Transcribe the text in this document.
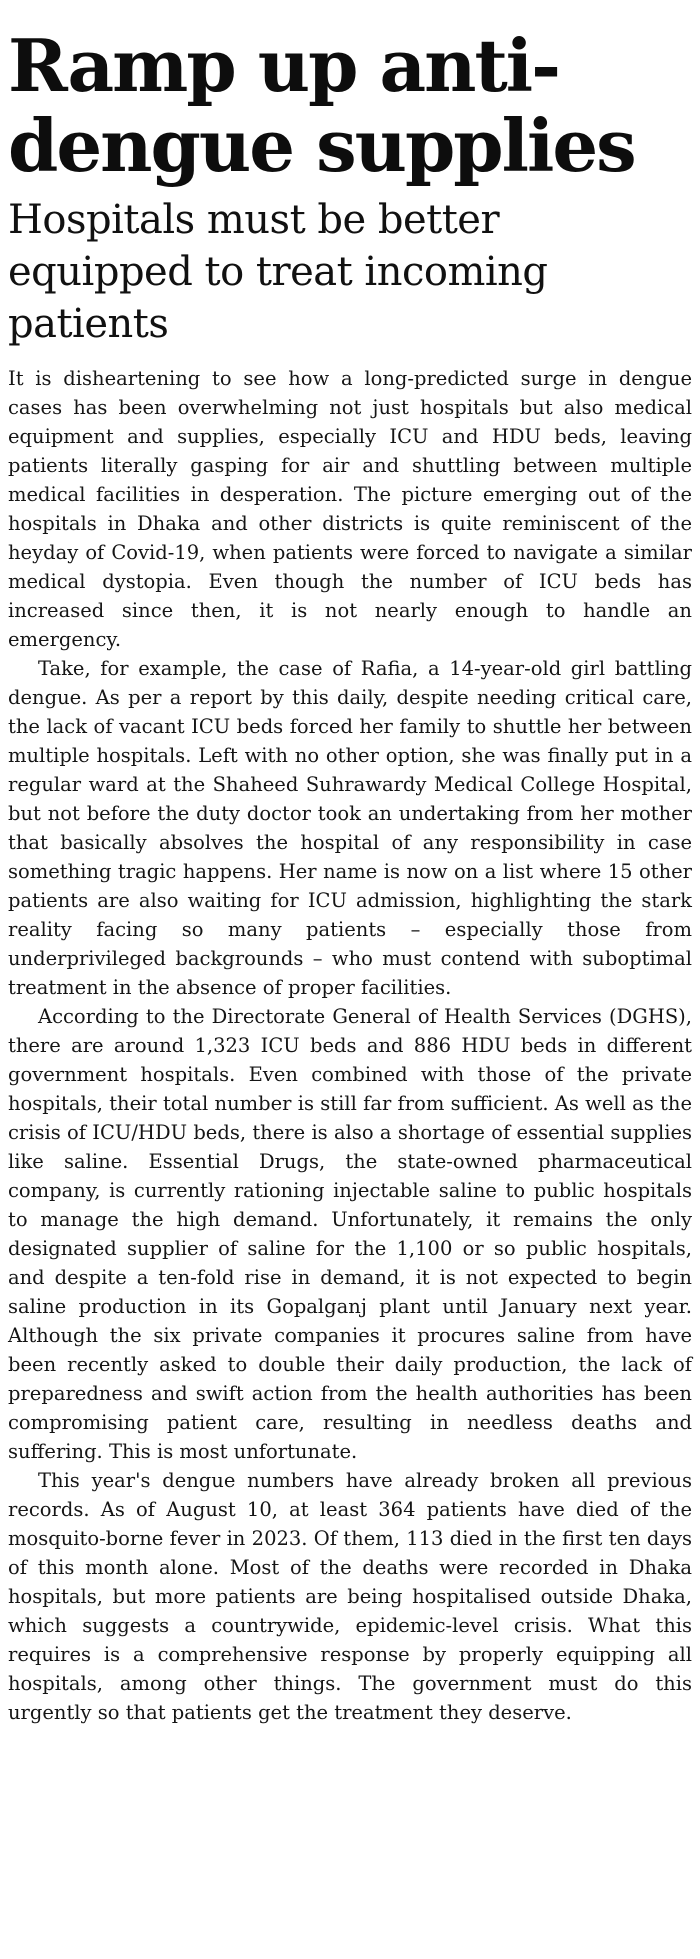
Ramp up anti-dengue supplies
Hospitals must be better equipped to treat incoming patients

It is disheartening to see how a long-predicted surge in dengue cases has been overwhelming not just hospitals but also medical equipment and supplies, especially ICU and HDU beds, leaving patients literally gasping for air and shuttling between multiple medical facilities in desperation. The picture emerging out of the hospitals in Dhaka and other districts is quite reminiscent of the heyday of Covid-19, when patients were forced to navigate a similar medical dystopia. Even though the number of ICU beds has increased since then, it is not nearly enough to handle an emergency.

Take, for example, the case of Rafia, a 14-year-old girl battling dengue. As per a report by this daily, despite needing critical care, the lack of vacant ICU beds forced her family to shuttle her between multiple hospitals. Left with no other option, she was finally put in a regular ward at the Shaheed Suhrawardy Medical College Hospital, but not before the duty doctor took an undertaking from her mother that basically absolves the hospital of any responsibility in case something tragic happens. Her name is now on a list where 15 other patients are also waiting for ICU admission, highlighting the stark reality facing so many patients – especially those from underprivileged backgrounds – who must contend with suboptimal treatment in the absence of proper facilities.

According to the Directorate General of Health Services (DGHS), there are around 1,323 ICU beds and 886 HDU beds in different government hospitals. Even combined with those of the private hospitals, their total number is still far from sufficient. As well as the crisis of ICU/HDU beds, there is also a shortage of essential supplies like saline. Essential Drugs, the state-owned pharmaceutical company, is currently rationing injectable saline to public hospitals to manage the high demand. Unfortunately, it remains the only designated supplier of saline for the 1,100 or so public hospitals, and despite a ten-fold rise in demand, it is not expected to begin saline production in its Gopalganj plant until January next year. Although the six private companies it procures saline from have been recently asked to double their daily production, the lack of preparedness and swift action from the health authorities has been compromising patient care, resulting in needless deaths and suffering. This is most unfortunate.

This year's dengue numbers have already broken all previous records. As of August 10, at least 364 patients have died of the mosquito-borne fever in 2023. Of them, 113 died in the first ten days of this month alone. Most of the deaths were recorded in Dhaka hospitals, but more patients are being hospitalised outside Dhaka, which suggests a countrywide, epidemic-level crisis. What this requires is a comprehensive response by properly equipping all hospitals, among other things. The government must do this urgently so that patients get the treatment they deserve.
